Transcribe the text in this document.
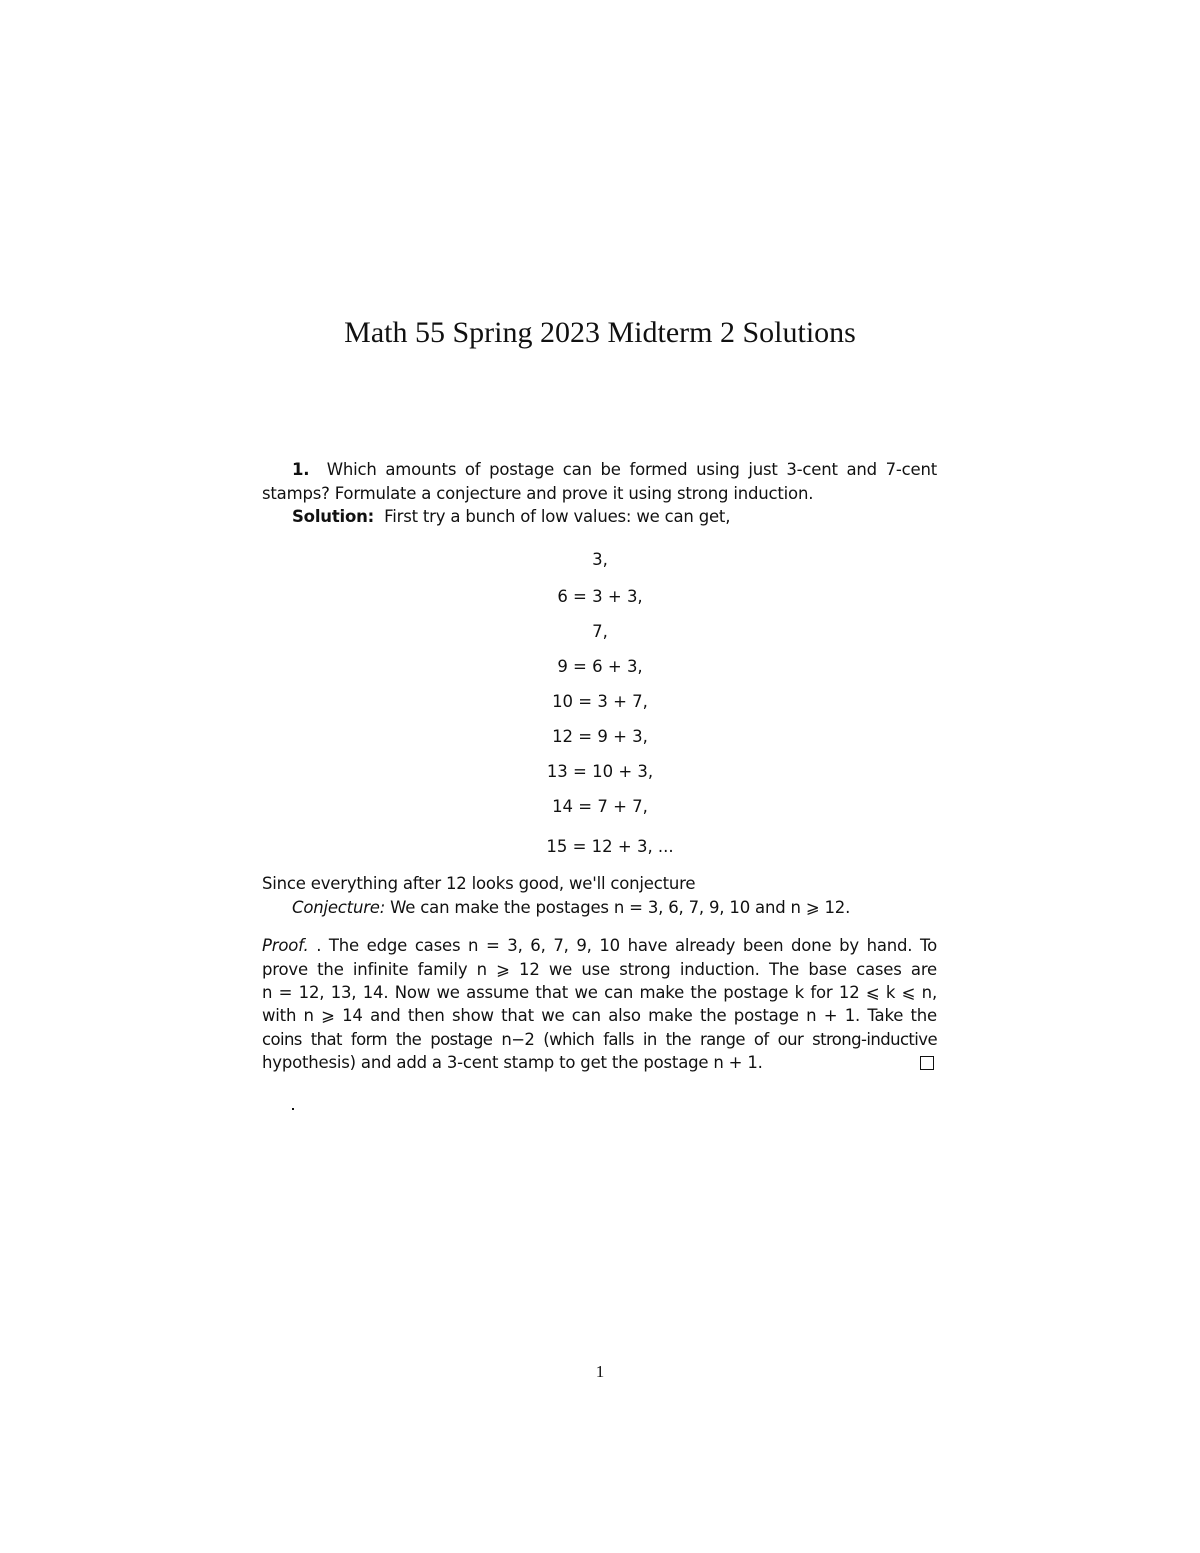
Math 55 Spring 2023 Midterm 2 Solutions
1. Which amounts of postage can be formed using just 3-cent and 7-cent
stamps? Formulate a conjecture and prove it using strong induction.
Solution: First try a bunch of low values: we can get,
3,
6 = 3 + 3,
7,
9 = 6 + 3,
10 = 3 + 7,
12 = 9 + 3,
13 = 10 + 3,
14 = 7 + 7,
15 = 12 + 3, ...
Since everything after 12 looks good, we'll conjecture
Conjecture: We can make the postages n = 3, 6, 7, 9, 10 and n ⩾ 12.
Proof. . The edge cases n = 3, 6, 7, 9, 10 have already been done by hand. To
prove the infinite family n ⩾ 12 we use strong induction. The base cases are
n = 12, 13, 14. Now we assume that we can make the postage k for 12 ⩽ k ⩽ n,
with n ⩾ 14 and then show that we can also make the postage n + 1. Take the
coins that form the postage n−2 (which falls in the range of our strong-inductive
hypothesis) and add a 3-cent stamp to get the postage n + 1.
1
